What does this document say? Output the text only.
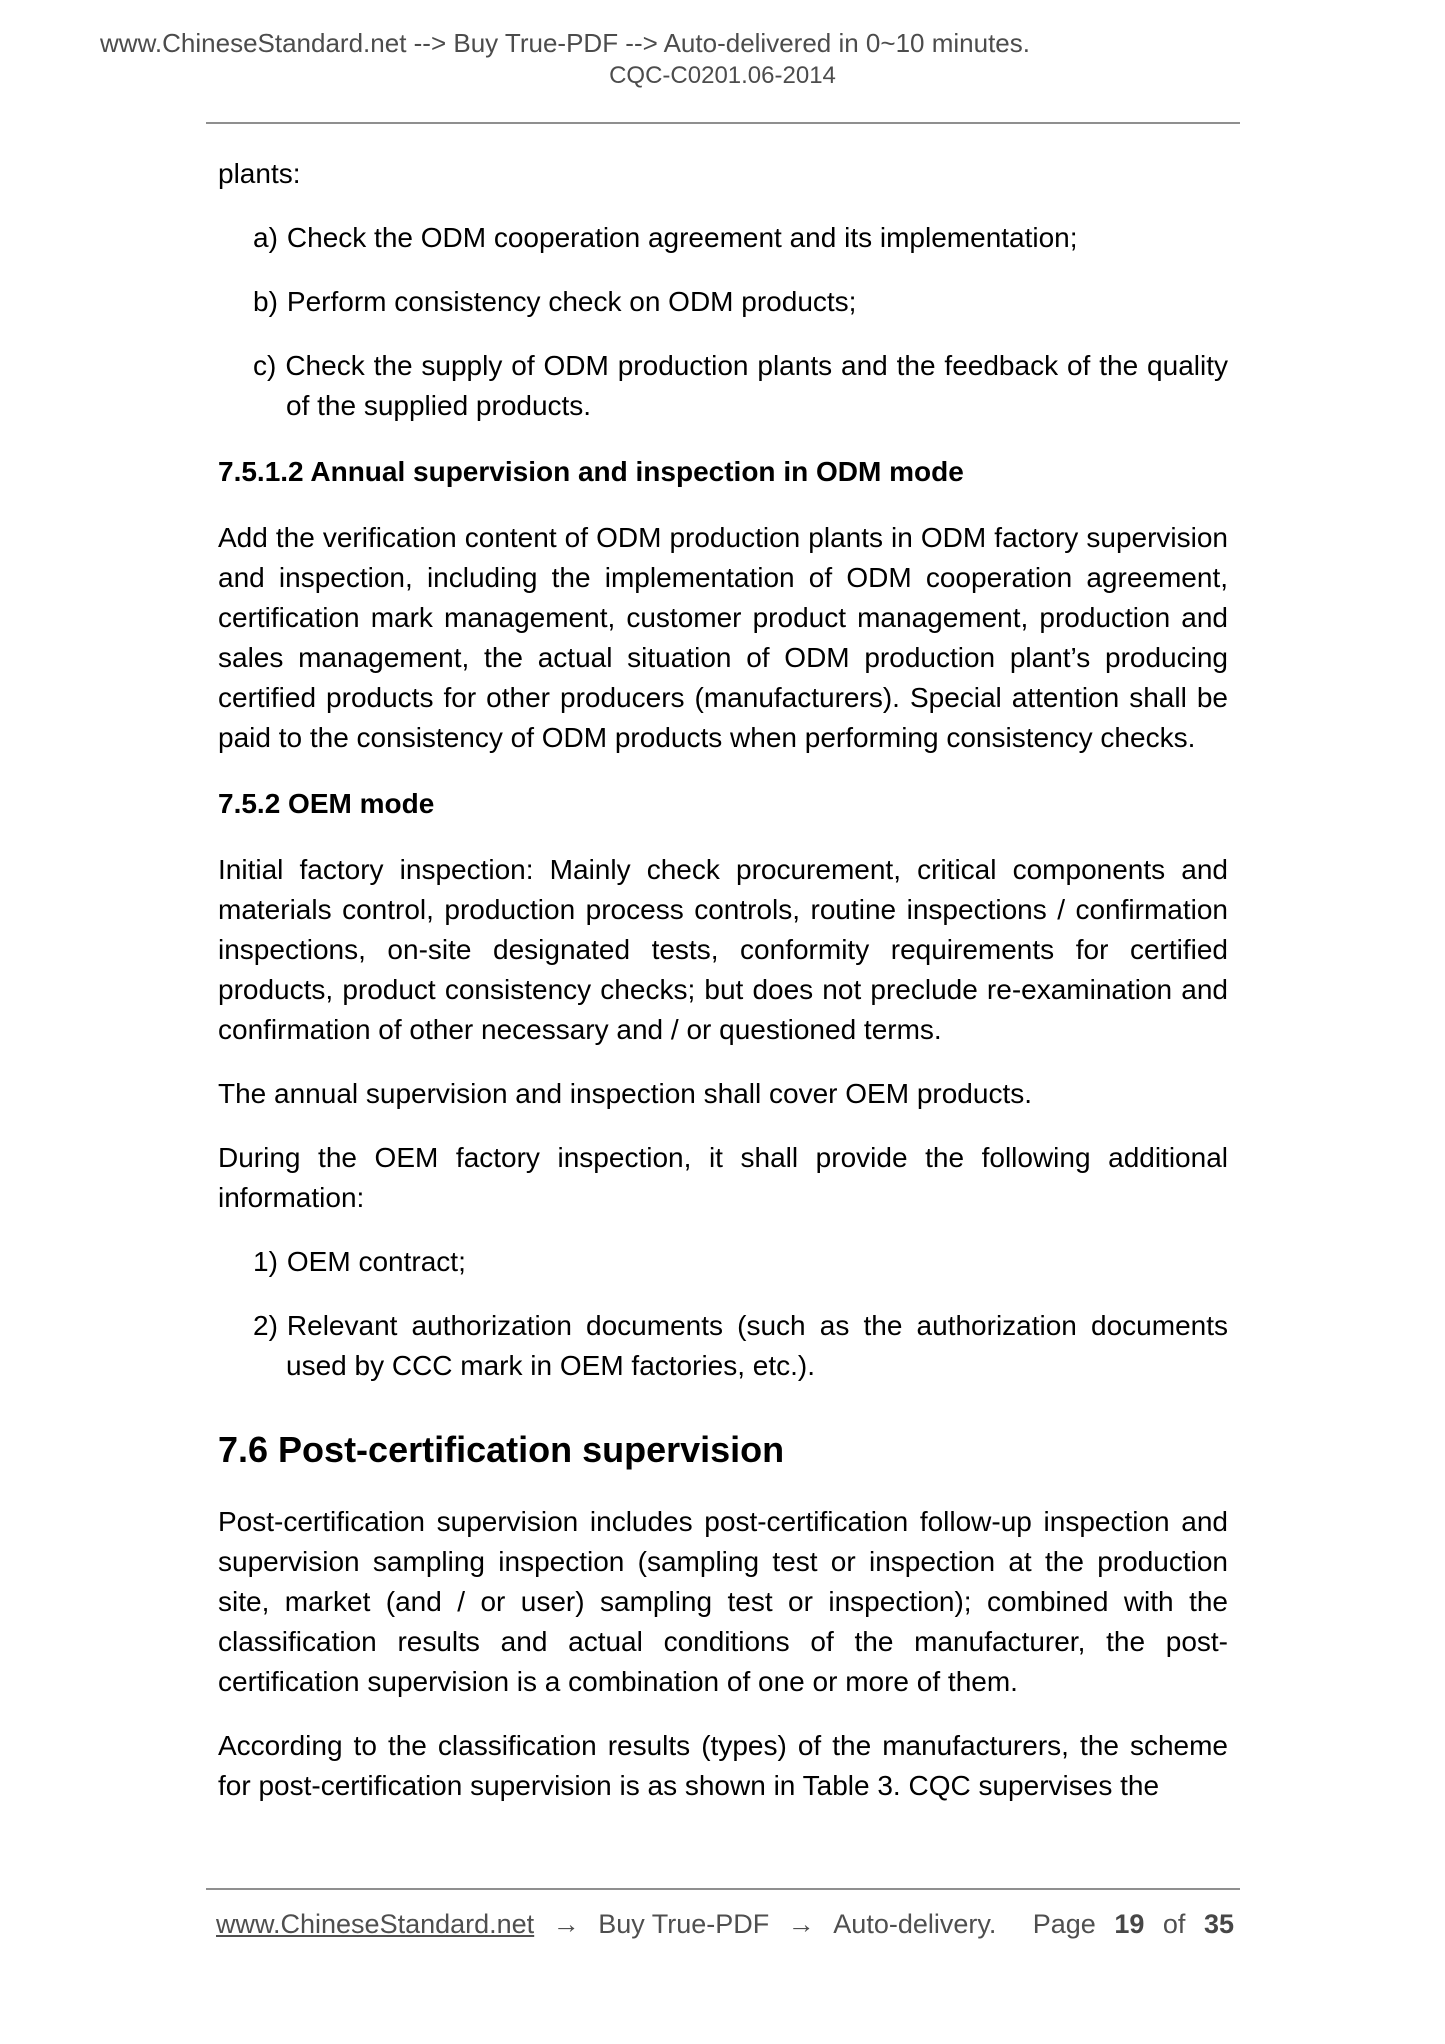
www.ChineseStandard.net --> Buy True-PDF --> Auto-delivered in 0~10 minutes.
CQC-C0201.06-2014

plants:

a) Check the ODM cooperation agreement and its implementation;
b) Perform consistency check on ODM products;
c) Check the supply of ODM production plants and the feedback of the quality of the supplied products.
7.5.1.2 Annual supervision and inspection in ODM mode

Add the verification content of ODM production plants in ODM factory supervision and inspection, including the implementation of ODM cooperation agreement, certification mark management, customer product management, production and sales management, the actual situation of ODM production plant’s producing certified products for other producers (manufacturers). Special attention shall be paid to the consistency of ODM products when performing consistency checks.

7.5.2 OEM mode

Initial factory inspection: Mainly check procurement, critical components and materials control, production process controls, routine inspections / confirmation inspections, on-site designated tests, conformity requirements for certified products, product consistency checks; but does not preclude re-examination and confirmation of other necessary and / or questioned terms.

The annual supervision and inspection shall cover OEM products.

During the OEM factory inspection, it shall provide the following additional information:

1) OEM contract;
2) Relevant authorization documents (such as the authorization documents used by CCC mark in OEM factories, etc.).
7.6 Post-certification supervision

Post-certification supervision includes post-certification follow-up inspection and supervision sampling inspection (sampling test or inspection at the production site, market (and / or user) sampling test or inspection); combined with the classification results and actual conditions of the manufacturer, the post-certification supervision is a combination of one or more of them.

According to the classification results (types) of the manufacturers, the scheme for post-certification supervision is as shown in Table 3. CQC supervises the

www.ChineseStandard.net → Buy True-PDF → Auto-delivery. Page 19 of 35
